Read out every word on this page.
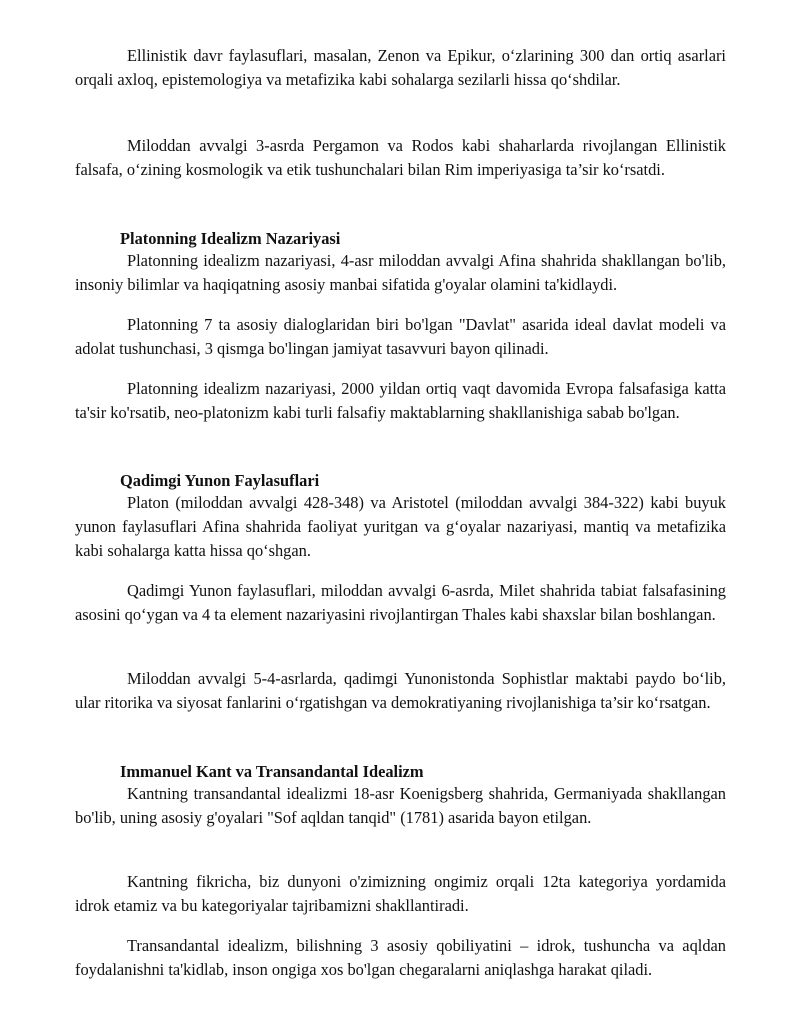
Ellinistik davr faylasuflari, masalan, Zenon va Epikur, o‘zlarining 300 dan ortiq asarlari orqali axloq, epistemologiya va metafizika kabi sohalarga sezilarli hissa qo‘shdilar.

Miloddan avvalgi 3-asrda Pergamon va Rodos kabi shaharlarda rivojlangan Ellinistik falsafa, o‘zining kosmologik va etik tushunchalari bilan Rim imperiyasiga ta’sir ko‘rsatdi.

Platonning Idealizm Nazariyasi

Platonning idealizm nazariyasi, 4-asr miloddan avvalgi Afina shahrida shakllangan bo'lib, insoniy bilimlar va haqiqatning asosiy manbai sifatida g'oyalar olamini ta'kidlaydi.

Platonning 7 ta asosiy dialoglaridan biri bo'lgan "Davlat" asarida ideal davlat modeli va adolat tushunchasi, 3 qismga bo'lingan jamiyat tasavvuri bayon qilinadi.

Platonning idealizm nazariyasi, 2000 yildan ortiq vaqt davomida Evropa falsafasiga katta ta'sir ko'rsatib, neo-platonizm kabi turli falsafiy maktablarning shakllanishiga sabab bo'lgan.

Qadimgi Yunon Faylasuflari

Platon (miloddan avvalgi 428-348) va Aristotel (miloddan avvalgi 384-322) kabi buyuk yunon faylasuflari Afina shahrida faoliyat yuritgan va g‘oyalar nazariyasi, mantiq va metafizika kabi sohalarga katta hissa qo‘shgan.

Qadimgi Yunon faylasuflari, miloddan avvalgi 6-asrda, Milet shahrida tabiat falsafasining asosini qo‘ygan va 4 ta element nazariyasini rivojlantirgan Thales kabi shaxslar bilan boshlangan.

Miloddan avvalgi 5-4-asrlarda, qadimgi Yunonistonda Sophistlar maktabi paydo bo‘lib, ular ritorika va siyosat fanlarini o‘rgatishgan va demokratiyaning rivojlanishiga ta’sir ko‘rsatgan.

Immanuel Kant va Transandantal Idealizm

Kantning transandantal idealizmi 18-asr Koenigsberg shahrida, Germaniyada shakllangan bo'lib, uning asosiy g'oyalari "Sof aqldan tanqid" (1781) asarida bayon etilgan.

Kantning fikricha, biz dunyoni o'zimizning ongimiz orqali 12ta kategoriya yordamida idrok etamiz va bu kategoriyalar tajribamizni shakllantiradi.

Transandantal idealizm, bilishning 3 asosiy qobiliyatini – idrok, tushuncha va aqldan foydalanishni ta'kidlab, inson ongiga xos bo'lgan chegaralarni aniqlashga harakat qiladi.
